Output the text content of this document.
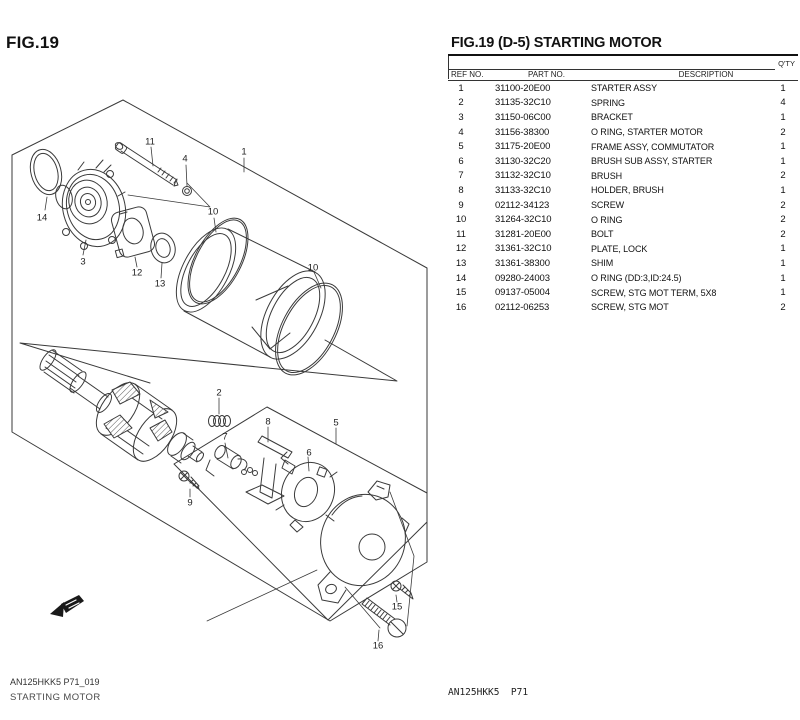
1
2
3
4
5
6
7
8
9
10
10
11
12
13
14
15
16
FIG.19	FIG.19 (D-5) STARTING MOTOR
Q'TY
REF NO.	PART NO.	DESCRIPTION
1	31100-20E00	STARTER ASSY	1
2	31135-32C10	SPRING	4
3	31150-06C00	BRACKET	1
4	31156-38300	O RING, STARTER MOTOR	2
5	31175-20E00	FRAME ASSY, COMMUTATOR	1
6	31130-32C20	BRUSH SUB ASSY, STARTER	1
7	31132-32C10	BRUSH	2
8	31133-32C10	HOLDER, BRUSH	1
9	02112-34123	SCREW	2
10	31264-32C10	O RING	2
11	31281-20E00	BOLT	2
12	31361-32C10	PLATE, LOCK	1
13	31361-38300	SHIM	1
14	09280-24003	O RING (DD:3,ID:24.5)	1
15	09137-05004	SCREW, STG MOT TERM, 5X8	1
16	02112-06253	SCREW, STG MOT	2
AN125HKK5 P71_019
STARTING MOTOR	AN125HKK5  P71
